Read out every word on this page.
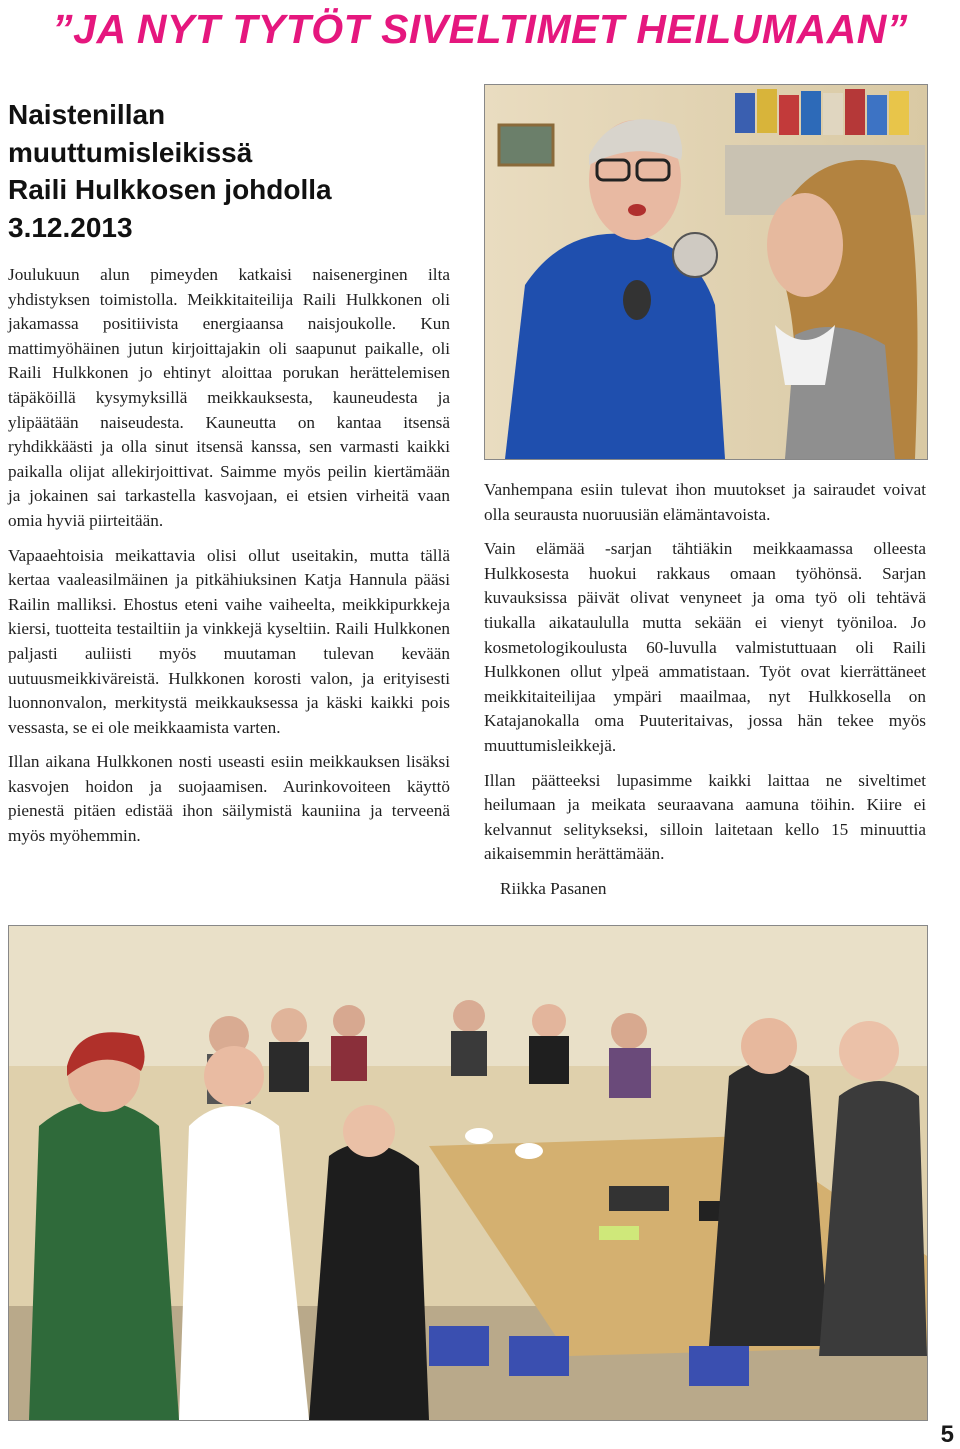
”JA NYT TYTÖT SIVELTIMET HEILUMAAN”
Naistenillan
muuttumisleikissä
Raili Hulkkosen johdolla
3.12.2013

Joulukuun alun pimeyden katkaisi naisenerginen ilta yhdistyksen toimistolla. Meikkitaiteilija Raili Hulkkonen oli jakamassa positiivista energiaansa naisjoukolle. Kun mattimyöhäinen jutun kirjoittajakin oli saapunut paikalle, oli Raili Hulkkonen jo ehtinyt aloittaa porukan herättelemisen täpäköillä kysymyksillä meikkauksesta, kauneudesta ja ylipäätään naiseudesta. Kauneutta on kantaa itsensä ryhdikkäästi ja olla sinut itsensä kanssa, sen varmasti kaikki paikalla olijat allekirjoittivat. Saimme myös peilin kiertämään ja jokainen sai tarkastella kasvojaan, ei etsien virheitä vaan omia hyviä piirteitään.

Vapaaehtoisia meikattavia olisi ollut useitakin, mutta tällä kertaa vaaleasilmäinen ja pitkähiuksinen Katja Hannula pääsi Railin malliksi. Ehostus eteni vaihe vaiheelta, meikkipurkkeja kiersi, tuotteita testailtiin ja vinkkejä kyseltiin. Raili Hulkkonen paljasti auliisti myös muutaman tulevan kevään uutuusmeikkiväreistä. Hulkkonen korosti valon, ja erityisesti luonnonvalon, merkitystä meikkauksessa ja käski kaikki pois vessasta, se ei ole meikkaamista varten.

Illan aikana Hulkkonen nosti useasti esiin meikkauksen lisäksi kasvojen hoidon ja suojaamisen. Aurinkovoiteen käyttö pienestä pitäen edistää ihon säilymistä kauniina ja terveenä myös myöhemmin.

Vanhempana esiin tulevat ihon muutokset ja sairaudet voivat olla seurausta nuoruusiän elämäntavoista.

Vain elämää -sarjan tähtiäkin meikkaamassa olleesta Hulkkosesta huokui rakkaus omaan työhönsä. Sarjan kuvauksissa päivät olivat venyneet ja oma työ oli tehtävä tiukalla aikataululla mutta sekään ei vienyt työniloa. Jo kosmetologikoulusta 60-luvulla valmistuttuaan oli Raili Hulkkonen ollut ylpeä ammatistaan. Työt ovat kierrättäneet meikkitaiteilijaa ympäri maailmaa, nyt Hulkkosella on Katajanokalla oma Puuteritaivas, jossa hän tekee myös muuttumisleikkejä.

Illan päätteeksi lupasimme kaikki laittaa ne siveltimet heilumaan ja meikata seuraavana aamuna töihin. Kiire ei kelvannut selitykseksi, silloin laitetaan kello 15 minuuttia aikaisemmin herättämään.

Riikka Pasanen

5
